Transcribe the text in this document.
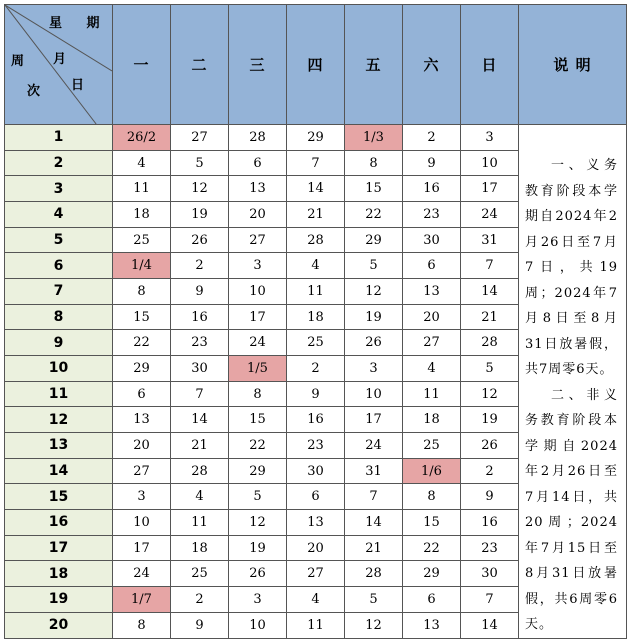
星 期
月
日
周
次	一	二	三	四	五	六	日	说 明
1	26/2	27	28	29	1/3	2	3	一、义务教育阶段本学期自2024年2月26日至7月7日，共19周；2024年7月8日至8月31日放暑假，共7周零6天。

二、非义务教育阶段本学期自2024年2月26日至7月14日，共20周；2024年7月15日至8月31日放暑假，共6周零6天。

2	4	5	6	7	8	9	10	
3	11	12	13	14	15	16	17	
4	18	19	20	21	22	23	24	
5	25	26	27	28	29	30	31	
6	1/4	2	3	4	5	6	7	
7	8	9	10	11	12	13	14	
8	15	16	17	18	19	20	21	
9	22	23	24	25	26	27	28	
10	29	30	1/5	2	3	4	5	
11	6	7	8	9	10	11	12	
12	13	14	15	16	17	18	19	
13	20	21	22	23	24	25	26	
14	27	28	29	30	31	1/6	2	
15	3	4	5	6	7	8	9	
16	10	11	12	13	14	15	16	
17	17	18	19	20	21	22	23	
18	24	25	26	27	28	29	30	
19	1/7	2	3	4	5	6	7	
20	8	9	10	11	12	13	14	
